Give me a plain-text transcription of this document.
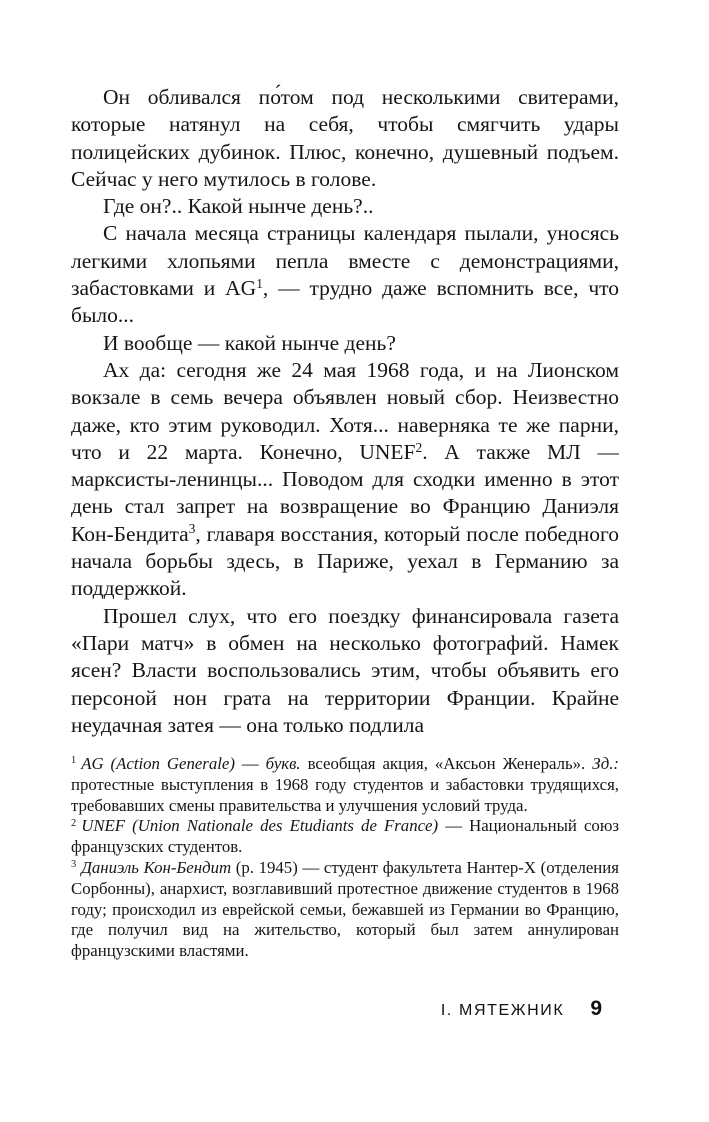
Он обливался по́том под несколькими свитерами, которые натянул на себя, чтобы смягчить удары полицейских дубинок. Плюс, конечно, душевный подъем. Сейчас у него мутилось в голове.

Где он?.. Какой нынче день?..

С начала месяца страницы календаря пылали, уносясь легкими хлопьями пепла вместе с демонстрациями, забастовками и AG$^1$, — трудно даже вспомнить все, что было...

И вообще — какой нынче день?

Ах да: сегодня же 24 мая 1968 года, и на Лионском вокзале в семь вечера объявлен новый сбор. Неизвестно даже, кто этим руководил. Хотя... наверняка те же парни, что и 22 марта. Конечно, UNEF$^2$. А также МЛ — марксисты-ленинцы... Поводом для сходки именно в этот день стал запрет на возвращение во Францию Даниэля Кон-Бендита$^3$, главаря восстания, который после победного начала борьбы здесь, в Париже, уехал в Германию за поддержкой.

Прошел слух, что его поездку финансировала газета «Пари матч» в обмен на несколько фотографий. Намек ясен? Власти воспользовались этим, чтобы объявить его персоной нон грата на территории Франции. Крайне неудачная затея — она только подлила

$^1$ AG (Action Generale) — букв. всеобщая акция, «Аксьон Женераль». Зд.: протестные выступления в 1968 году студентов и забастовки трудящихся, требовавших смены правительства и улучшения условий труда.

$^2$ UNEF (Union Nationale des Etudiants de France) — Национальный союз французских студентов.

$^3$ Даниэль Кон-Бендит (р. 1945) — студент факультета Нантер-X (отделения Сорбонны), анархист, возглавивший протестное движение студентов в 1968 году; происходил из еврейской семьи, бежавшей из Германии во Францию, где получил вид на жительство, который был затем аннулирован французскими властями.

I. МЯТЕЖНИК 9
